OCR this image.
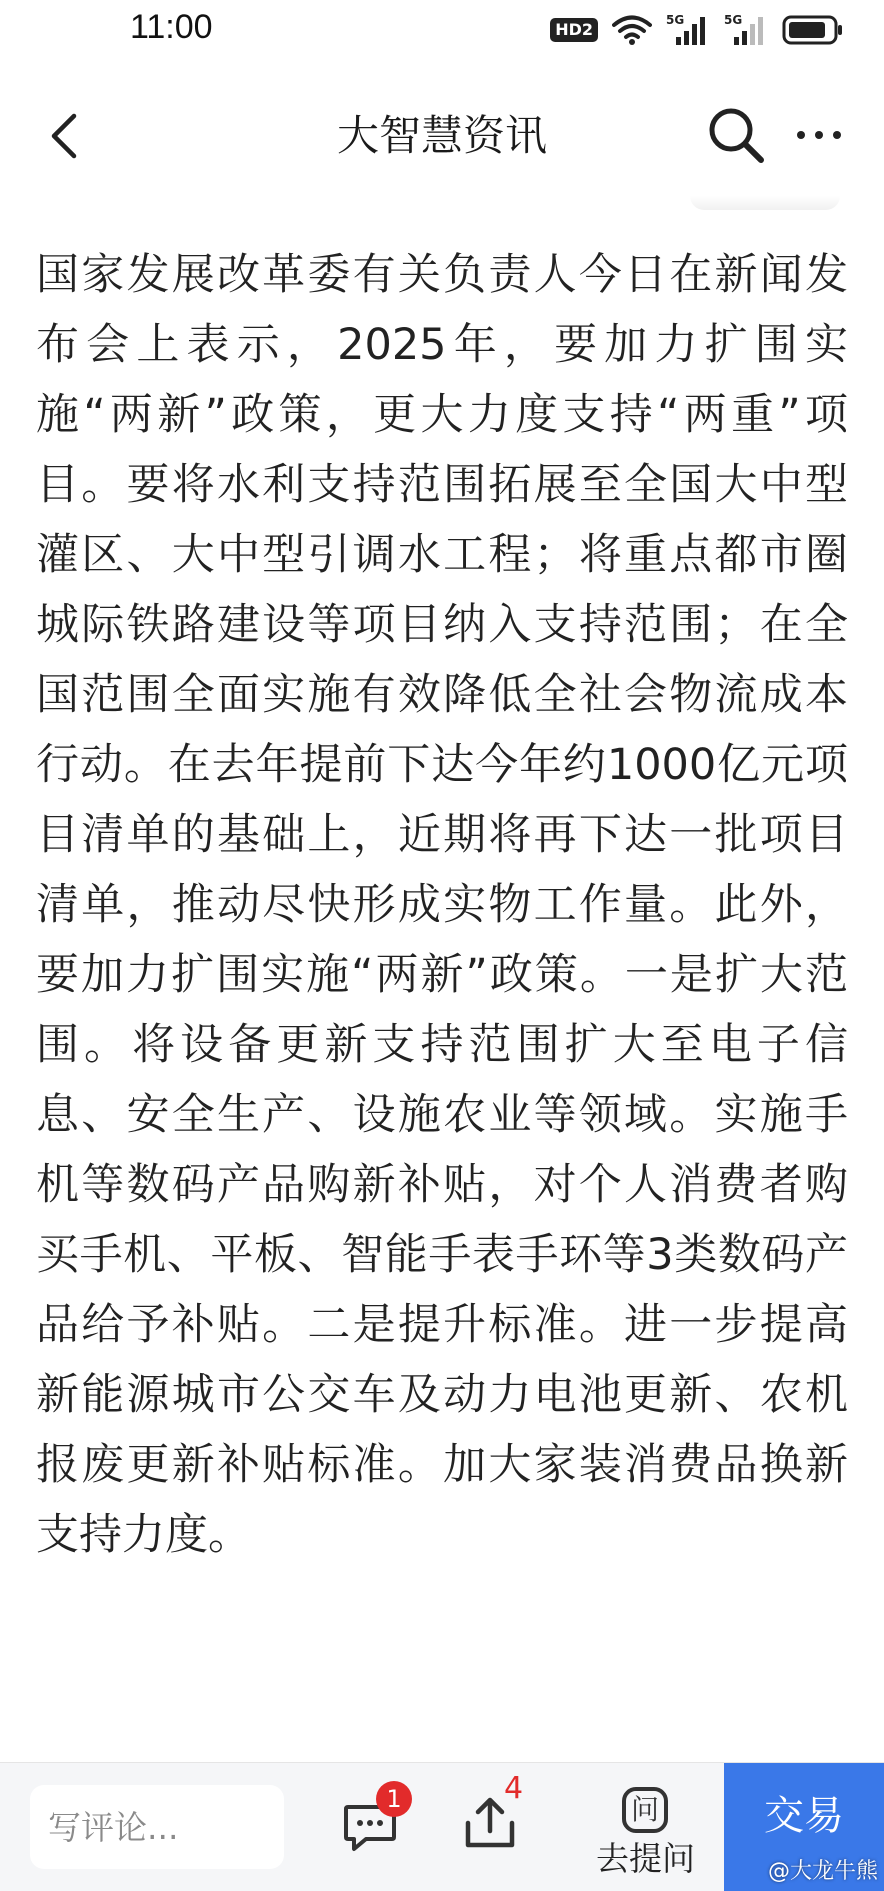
11:00	HD2	5G	5G
大智慧资讯

国家发展改革委有关负责人今日在新闻发布会上表示，2025年，要加力扩围实施“两新”政策，更大力度支持“两重”项目。要将水利支持范围拓展至全国大中型灌区、大中型引调水工程；将重点都市圈城际铁路建设等项目纳入支持范围；在全国范围全面实施有效降低全社会物流成本行动。在去年提前下达今年约1000亿元项目清单的基础上，近期将再下达一批项目清单，推动尽快形成实物工作量。此外，要加力扩围实施“两新”政策。一是扩大范围。将设备更新支持范围扩大至电子信息、安全生产、设施农业等领域。实施手机等数码产品购新补贴，对个人消费者购买手机、平板、智能手表手环等3类数码产品给予补贴。二是提升标准。进一步提高新能源城市公交车及动力电池更新、农机报废更新补贴标准。加大家装消费品换新支持力度。

写评论...
1	4
问
去提问
交易
@大龙牛熊
